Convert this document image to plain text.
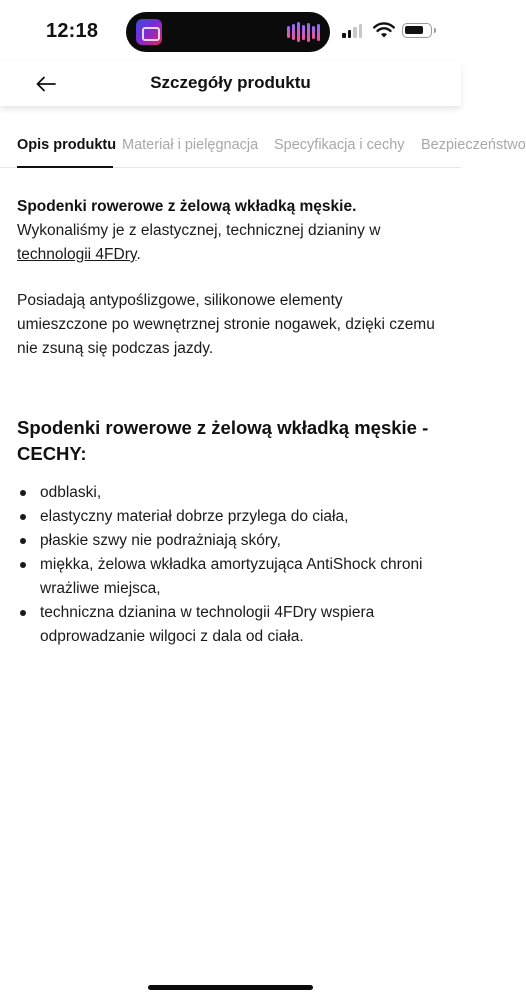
12:18
Szczegóły produktu
Opis produktu Materiał i pielęgnacja Specyfikacja i cechy Bezpieczeństwo

Spodenki rowerowe z żelową wkładką męskie.
Wykonaliśmy je z elastycznej, technicznej dzianiny w
technologii 4FDry.

Posiadają antypoślizgowe, silikonowe elementy umieszczone po wewnętrznej stronie nogawek, dzięki czemu nie zsuną się podczas jazdy.

Spodenki rowerowe z żelową wkładką męskie - CECHY:
odblaski,
elastyczny materiał dobrze przylega do ciała,
płaskie szwy nie podrażniają skóry,
miękka, żelowa wkładka amortyzująca AntiShock chroni wrażliwe miejsca,
techniczna dzianina w technologii 4FDry wspiera odprowadzanie wilgoci z dala od ciała.
